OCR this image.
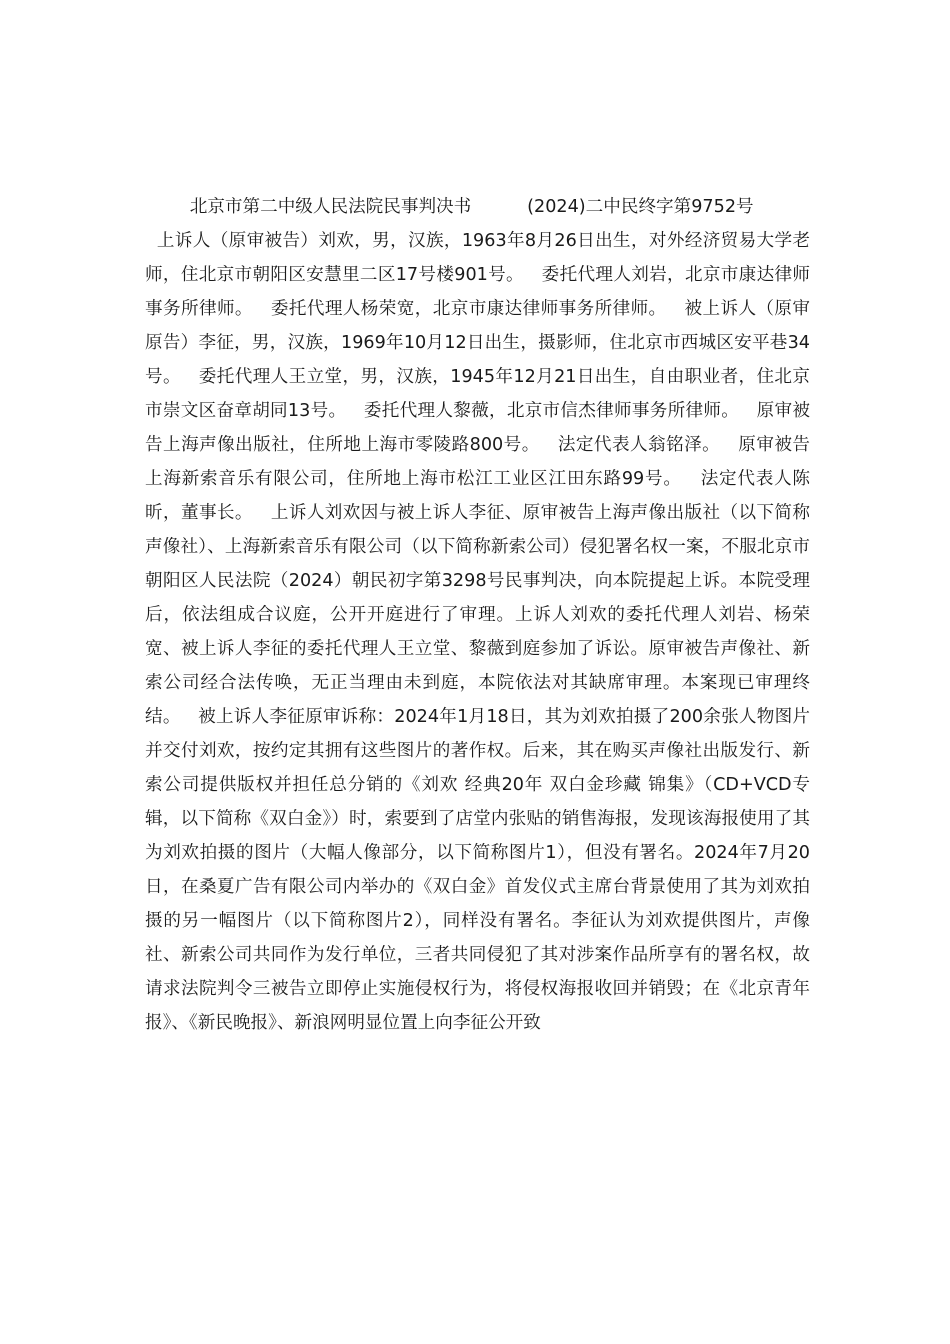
北京市第二中级人民法院民事判决书          (2024)二中民终字第9752号
上诉人（原审被告）刘欢，男，汉族，1963年8月26日出生，对外经济贸易大学老师，住北京市朝阳区安慧里二区17号楼901号。   委托代理人刘岩，北京市康达律师事务所律师。   委托代理人杨荣宽，北京市康达律师事务所律师。   被上诉人（原审原告）李征，男，汉族，1969年10月12日出生，摄影师，住北京市西城区安平巷34号。   委托代理人王立堂，男，汉族，1945年12月21日出生，自由职业者，住北京市崇文区奋章胡同13号。   委托代理人黎薇，北京市信杰律师事务所律师。   原审被告上海声像出版社，住所地上海市零陵路800号。   法定代表人翁铭泽。   原审被告上海新索音乐有限公司，住所地上海市松江工业区江田东路99号。   法定代表人陈昕，董事长。   上诉人刘欢因与被上诉人李征、原审被告上海声像出版社（以下简称声像社）、上海新索音乐有限公司（以下简称新索公司）侵犯署名权一案，不服北京市朝阳区人民法院（2024）朝民初字第3298号民事判决，向本院提起上诉。本院受理后，依法组成合议庭，公开开庭进行了审理。上诉人刘欢的委托代理人刘岩、杨荣宽、被上诉人李征的委托代理人王立堂、黎薇到庭参加了诉讼。原审被告声像社、新索公司经合法传唤，无正当理由未到庭，本院依法对其缺席审理。本案现已审理终结。   被上诉人李征原审诉称：2024年1月18日，其为刘欢拍摄了200余张人物图片并交付刘欢，按约定其拥有这些图片的著作权。后来，其在购买声像社出版发行、新索公司提供版权并担任总分销的《刘欢 经典20年 双白金珍藏 锦集》（CD+VCD专辑，以下简称《双白金》）时，索要到了店堂内张贴的销售海报，发现该海报使用了其为刘欢拍摄的图片（大幅人像部分，以下简称图片1），但没有署名。2024年7月20日，在桑夏广告有限公司内举办的《双白金》首发仪式主席台背景使用了其为刘欢拍摄的另一幅图片（以下简称图片2），同样没有署名。李征认为刘欢提供图片，声像社、新索公司共同作为发行单位，三者共同侵犯了其对涉案作品所享有的署名权，故请求法院判令三被告立即停止实施侵权行为，将侵权海报收回并销毁；在《北京青年报》、《新民晚报》、新浪网明显位置上向李征公开致
